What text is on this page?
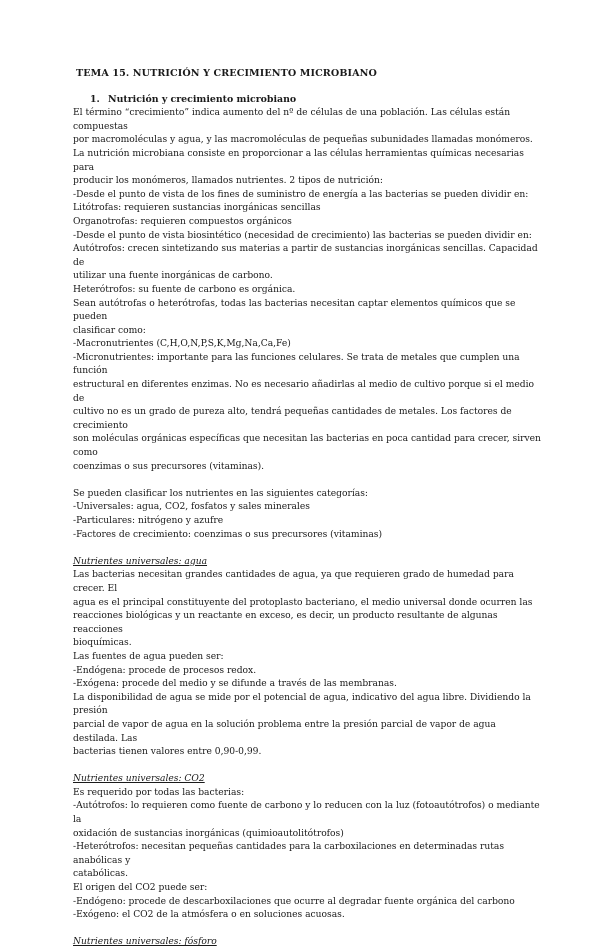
TEMA 15. NUTRICIÓN Y CRECIMIENTO MICROBIANO
1. Nutrición y crecimiento microbiano

El término “crecimiento” indica aumento del nº de células de una población. Las células están compuestas

por macromoléculas y agua, y las macromoléculas de pequeñas subunidades llamadas monómeros.

La nutrición microbiana consiste en proporcionar a las células herramientas químicas necesarias para

producir los monómeros, llamados nutrientes. 2 tipos de nutrición:

-Desde el punto de vista de los fines de suministro de energía a las bacterias se pueden dividir en:

Litótrofas: requieren sustancias inorgánicas sencillas

Organotrofas: requieren compuestos orgánicos

-Desde el punto de vista biosintético (necesidad de crecimiento) las bacterias se pueden dividir en:

Autótrofos: crecen sintetizando sus materias a partir de sustancias inorgánicas sencillas. Capacidad de

utilizar una fuente inorgánicas de carbono.

Heterótrofos: su fuente de carbono es orgánica.

Sean autótrofas o heterótrofas, todas las bacterias necesitan captar elementos químicos que se pueden

clasificar como:

-Macronutrientes (C,H,O,N,P,S,K,Mg,Na,Ca,Fe)

-Micronutrientes: importante para las funciones celulares. Se trata de metales que cumplen una función

estructural en diferentes enzimas. No es necesario añadirlas al medio de cultivo porque si el medio de

cultivo no es un grado de pureza alto, tendrá pequeñas cantidades de metales. Los factores de crecimiento

son moléculas orgánicas específicas que necesitan las bacterias en poca cantidad para crecer, sirven como

coenzimas o sus precursores (vitaminas).

Se pueden clasificar los nutrientes en las siguientes categorías:

-Universales: agua, CO2, fosfatos y sales minerales

-Particulares: nitrógeno y azufre

-Factores de crecimiento: coenzimas o sus precursores (vitaminas)

Nutrientes universales: agua

Las bacterias necesitan grandes cantidades de agua, ya que requieren grado de humedad para crecer. El

agua es el principal constituyente del protoplasto bacteriano, el medio universal donde ocurren las

reacciones biológicas y un reactante en exceso, es decir, un producto resultante de algunas reacciones

bioquímicas.

Las fuentes de agua pueden ser:

-Endógena: procede de procesos redox.

-Exógena: procede del medio y se difunde a través de las membranas.

La disponibilidad de agua se mide por el potencial de agua, indicativo del agua libre. Dividiendo la presión

parcial de vapor de agua en la solución problema entre la presión parcial de vapor de agua destilada. Las

bacterias tienen valores entre 0,90-0,99.

Nutrientes universales: CO2

Es requerido por todas las bacterias:

-Autótrofos: lo requieren como fuente de carbono y lo reducen con la luz (fotoautótrofos) o mediante la

oxidación de sustancias inorgánicas (quimioautolitótrofos)

-Heterótrofos: necesitan pequeñas cantidades para la carboxilaciones en determinadas rutas anabólicas y

catabólicas.

El origen del CO2 puede ser:

-Endógeno: procede de descarboxilaciones que ocurre al degradar fuente orgánica del carbono

-Exógeno: el CO2 de la atmósfera o en soluciones acuosas.

Nutrientes universales: fósforo
